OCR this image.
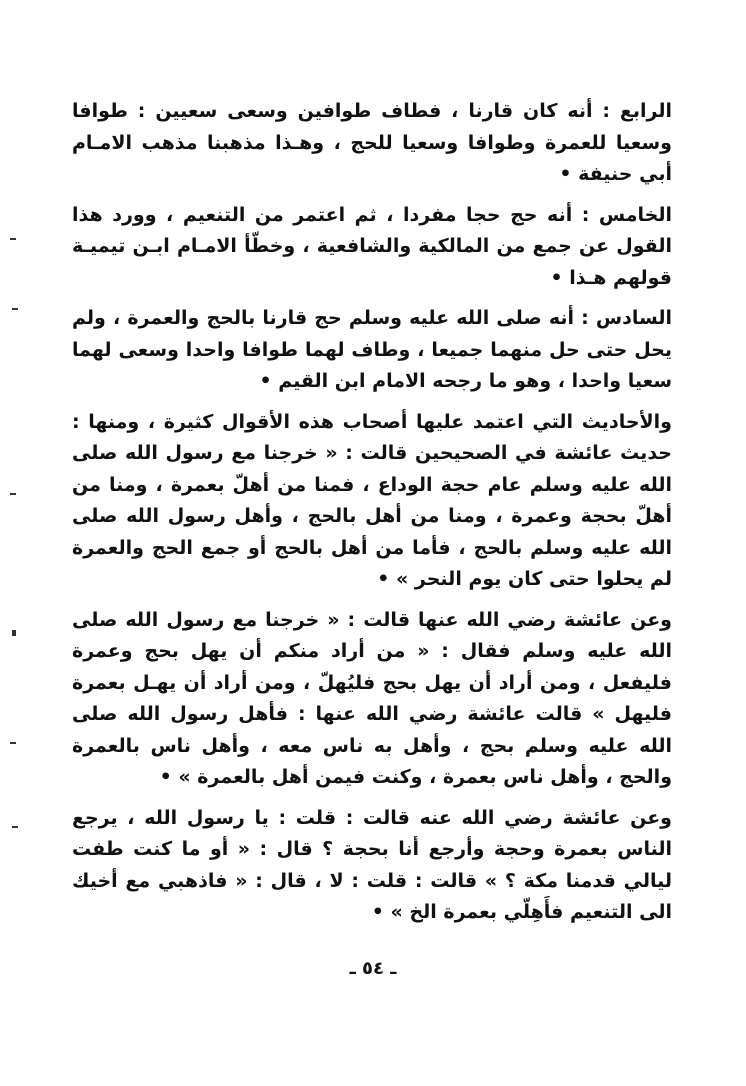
الرابع : أنه كان قارنا ، فطاف طوافين وسعى سعيين : طوافا وسعيا للعمرة وطوافا وسعيا للحج ، وهـذا مذهبنا مذهب الامـام أبي حنيفة •

الخامس : أنه حج حجا مفردا ، ثم اعتمر من التنعيم ، وورد هذا القول عن جمع من المالكية والشافعية ، وخطّأ الامـام ابـن تيميـة قولهم هـذا •

السادس : أنه صلى الله عليه وسلم حج قارنا بالحج والعمرة ، ولم يحل حتى حل منهما جميعا ، وطاف لهما طوافا واحدا وسعى لهما سعيا واحدا ، وهو ما رجحه الامام ابن القيم •

والأحاديث التي اعتمد عليها أصحاب هذه الأقوال كثيرة ، ومنها : حديث عائشة في الصحيحين قالت : « خرجنا مع رسول الله صلى الله عليه وسلم عام حجة الوداع ، فمنا من أهلّ بعمرة ، ومنا من أهلّ بحجة وعمرة ، ومنا من أهل بالحج ، وأهل رسول الله صلى الله عليه وسلم بالحج ، فأما من أهل بالحج أو جمع الحج والعمرة لم يحلوا حتى كان يوم النحر » •

وعن عائشة رضي الله عنها قالت : « خرجنا مع رسول الله صلى الله عليه وسلم فقال : « من أراد منكم أن يهل بحج وعمرة فليفعل ، ومن أراد أن يهل بحج فليُهلّ ، ومن أراد أن يهـل بعمرة فليهل » قالت عائشة رضي الله عنها : فأهل رسول الله صلى الله عليه وسلم بحج ، وأهل به ناس معه ، وأهل ناس بالعمرة والحج ، وأهل ناس بعمرة ، وكنت فيمن أهل بالعمرة » •

وعن عائشة رضي الله عنه قالت : قلت : يا رسول الله ، يرجع الناس بعمرة وحجة وأرجع أنا بحجة ؟ قال : « أو ما كنت طفت ليالي قدمنا مكة ؟ » قالت : قلت : لا ، قال : « فاذهبي مع أخيك الى التنعيم فأَهِلّي بعمرة الخ » •

ـ ٥٤ ـ
